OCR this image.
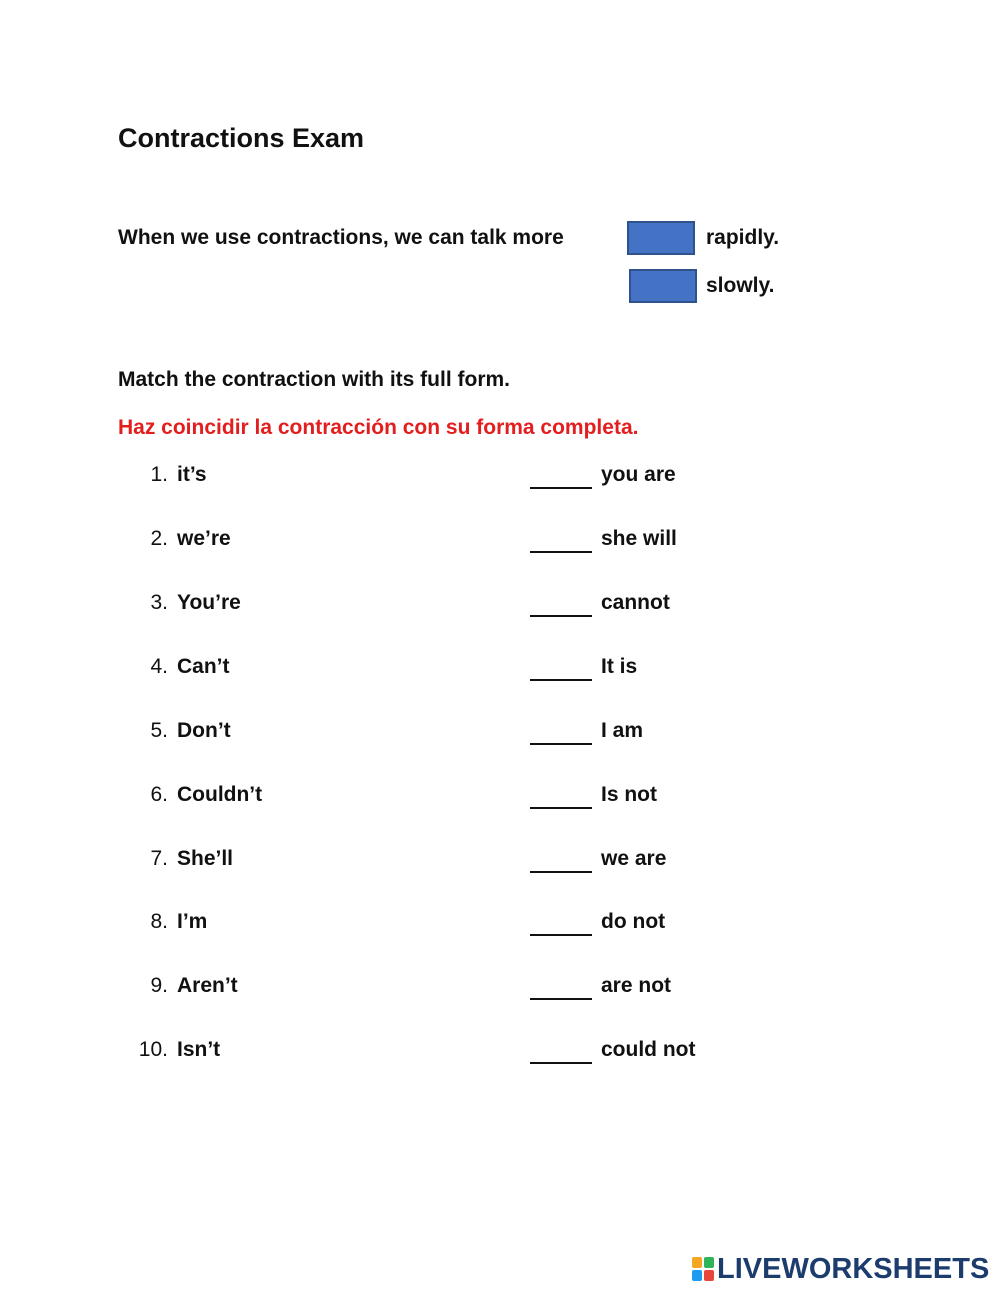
Contractions Exam
When we use contractions, we can talk more	rapidly.
slowly.
Match the contraction with its full form.
Haz coincidir la contracción con su forma completa.
1. it’s	you are
2. we’re	she will
3. You’re	cannot
4. Can’t	It is
5. Don’t	I am
6. Couldn’t	Is not
7. She’ll	we are
8. I’m	do not
9. Aren’t	are not
10. Isn’t	could not
LIVEWORKSHEETS
